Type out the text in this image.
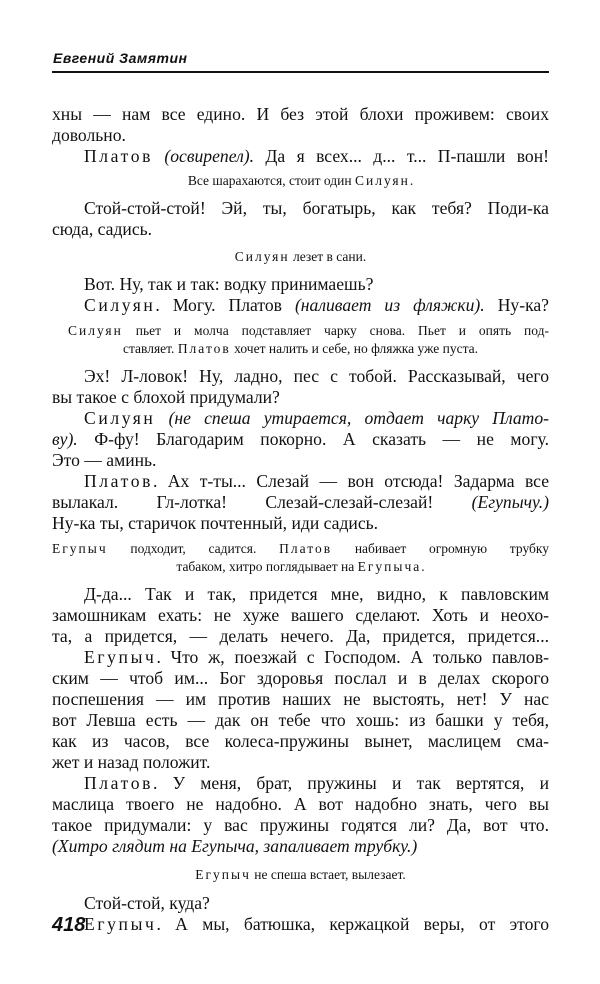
Евгений Замятин

хны — нам все едино. И без этой блохи проживем: своих

довольно.

Платов (освирепел). Да я всех... д... т... П-пашли вон!

Все шарахаются, стоит один Силуян.

Стой-стой-стой! Эй, ты, богатырь, как тебя? Поди-ка

сюда, садись.

Силуян лезет в сани.

Вот. Ну, так и так: водку принимаешь?

Силуян. Могу. Платов (наливает из фляжки). Ну-ка?

Силуян пьет и молча подставляет чарку снова. Пьет и опять под-

ставляет. Платов хочет налить и себе, но фляжка уже пуста.

Эх! Л-ловок! Ну, ладно, пес с тобой. Рассказывай, чего

вы такое с блохой придумали?

Силуян (не спеша утирается, отдает чарку Плато-

ву). Ф-фу! Благодарим покорно. А сказать — не могу.

Это — аминь.

Платов. Ах т-ты... Слезай — вон отсюда! Задарма все

вылакал. Гл-лотка! Слезай-слезай-слезай! (Егупычу.)

Ну-ка ты, старичок почтенный, иди садись.

Егупыч подходит, садится. Платов набивает огромную трубку

табаком, хитро поглядывает на Егупыча.

Д-да... Так и так, придется мне, видно, к павловским

замошникам ехать: не хуже вашего сделают. Хоть и неохо-

та, а придется, — делать нечего. Да, придется, придется...

Егупыч. Что ж, поезжай с Господом. А только павлов-

ским — чтоб им... Бог здоровья послал и в делах скорого

поспешения — им против наших не выстоять, нет! У нас

вот Левша есть — дак он тебе что хошь: из башки у тебя,

как из часов, все колеса-пружины вынет, маслицем сма-

жет и назад положит.

Платов. У меня, брат, пружины и так вертятся, и

маслица твоего не надобно. А вот надобно знать, чего вы

такое придумали: у вас пружины годятся ли? Да, вот что.

(Хитро глядит на Егупыча, запаливает трубку.)

Егупыч не спеша встает, вылезает.

Стой-стой, куда?

Егупыч. А мы, батюшка, кержацкой веры, от этого

418
